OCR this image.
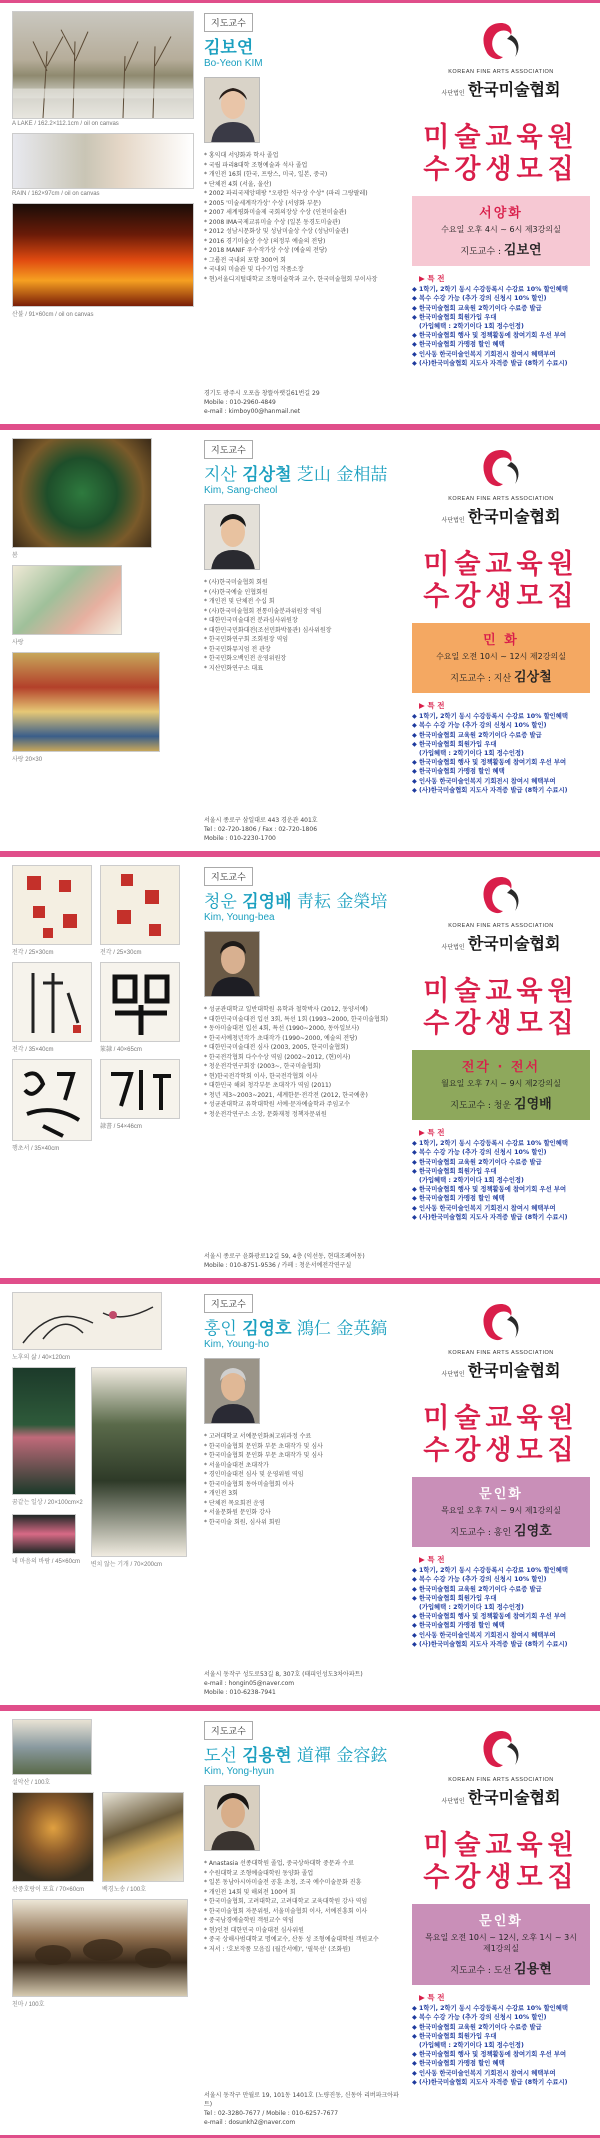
A LAKE / 162.2×112.1cm / oil on canvas
RAIN / 162×97cm / oil on canvas
산불 / 91×60cm / oil on canvas
지도교수
김보연
Bo-Yeon KIM
* 홍익대 서양화과 학사 졸업
* 국립 파리8대학 조형예술과 석사 졸업
* 개인전 16회 (한국, 프랑스, 미국, 일본, 중국)
* 단체전 4회 (서울, 울산)
* 2002 파리국제앙데팡 "오광한 석구상 수상" (파리 그랑팔레)
* 2005 '미술세계작가상' 수상 (서양화 부문)
* 2007 세계평화미술제 국회의장상 수상 (인천미술관)
* 2008 IMA국제교류미술 수상 (일본 동경도미술관)
* 2012 성남시문화상 및 성남미술상 수상 (성남미술관)
* 2016 경기미술상 수상 (의정부 예술의 전당)
* 2018 MANIF 우수작가상 수상 (예술의 전당)
* 그룹전 국내외 포함 300여 회
* 국내외 미술관 및 다수기업 작품소장
* 현)서울디지털대학교 조형미술학과 교수, 한국미술협회 부이사장
경기도 광주시 오포읍 창뜰아랫길61번길 29
Mobile : 010-2960-4849
e-mail : kimboy00@hanmail.net
KOREAN FINE ARTS ASSOCIATION
사단법인 한국미술협회
미술교육원
수강생모집
서양화
수요일 오후 4시 ~ 6시 제3강의실
지도교수 : 김보연
▶ 특 전
◆ 1학기, 2학기 동시 수강등록시 수강료 10% 할인혜택
◆ 복수 수강 가능 (추가 강의 신청시 10% 할인)
◆ 한국미술협회 교육원 2학기이다 수료증 발급
◆ 한국미술협회 회원가입 우대
(가입혜택 : 2학기이다 1회 정수인정)
◆ 한국미술협회 행사 및 정책활동에 참여기회 우선 부여
◆ 한국미술협회 가맹점 할인 혜택
◆ 인사동 한국미술인복지 기회전시 참여시 혜택부여
◆ (사)한국미술협회 지도사 자격증 발급 (8학기 수료시)
봄
사랑
사랑 20×30
지도교수
지산 김상철 芝山 金相喆
Kim, Sang-cheol
* (사)한국미술협회 회원
* (사)한국예술 인협회원
* 개인전 및 단체전 수십 회
* (사)한국미술협회 전통미술분과위원장 역임
* 대한민국미술대전 분과심사위원장
* 대한민국민화대전(조선민화박물관) 심사위원장
* 한국민화연구회 조회원장 역임
* 한국민화뮤지엄 전 관장
* 한국민화오백인전 운영위원장
* 지산민화연구소 대표
서울시 종로구 삼일대로 443 경운관 401호
Tel : 02-720-1806 / Fax : 02-720-1806
Mobile : 010-2230-1700
KOREAN FINE ARTS ASSOCIATION
사단법인 한국미술협회
미술교육원
수강생모집
민 화
수요일 오전 10시 ~ 12시 제2강의실
지도교수 : 지산 김상철
▶ 특 전
◆ 1학기, 2학기 동시 수강등록시 수강료 10% 할인혜택
◆ 복수 수강 가능 (추가 강의 신청시 10% 할인)
◆ 한국미술협회 교육원 2학기이다 수료증 발급
◆ 한국미술협회 회원가입 우대
(가입혜택 : 2학기이다 1회 정수인정)
◆ 한국미술협회 행사 및 정책활동에 참여기회 우선 부여
◆ 한국미술협회 가맹점 할인 혜택
◆ 인사동 한국미술인복지 기회전시 참여시 혜택부여
◆ (사)한국미술협회 지도사 자격증 발급 (8학기 수료시)
전각 / 25×30cm	전각 / 25×30cm
전각 / 35×40cm	篆隸 / 40×65cm
행초서 / 35×40cm
隷書 / 54×46cm
지도교수
청운 김영배 靑耘 金榮培
Kim, Young-bea
* 성균관대학교 일반대학원 유학과 철학박사 (2012, 동양서예)
* 대한민국미술대전 입선 3회, 특선 1회 (1993~2000, 한국미술협회)
* 동아미술대전 입선 4회, 특선 (1990~2000, 동아일보사)
* 한국서예청년작가 초대작가 (1990~2000, 예술의 전당)
* 대한민국미술대전 심사 (2003, 2005, 한국미술협회)
* 한국전각협회 다수수상 역임 (2002~2012, (현)이사)
* 청운전각연구회장 (2003~, 한국미술협회)
* 현)한국전각학회 이사, 한국전각협회 이사
* 대한민국 해외 청각부문 초대작가 역임 (2011)
* 청년 제3~2003~2021, 세계한문·전각전 (2012, 한국예총)
* 성균관대학교 유학대학원 서예·문자예술학과 주임교수
* 청운전각연구소 소장, 문화재청 정책자문위원
서울시 종로구 윤화광로12길 59, 4층 (익선동, 현대조폐여동)
Mobile : 010-8751-9536 / 카페 : 청운서예전각연구실
KOREAN FINE ARTS ASSOCIATION
사단법인 한국미술협회
미술교육원
수강생모집
전각 · 전서
월요일 오후 7시 ~ 9시 제2강의실
지도교수 : 청운 김영배
▶ 특 전
◆ 1학기, 2학기 동시 수강등록시 수강료 10% 할인혜택
◆ 복수 수강 가능 (추가 강의 신청시 10% 할인)
◆ 한국미술협회 교육원 2학기이다 수료증 발급
◆ 한국미술협회 회원가입 우대
(가입혜택 : 2학기이다 1회 정수인정)
◆ 한국미술협회 행사 및 정책활동에 참여기회 우선 부여
◆ 한국미술협회 가맹점 할인 혜택
◆ 인사동 한국미술인복지 기회전시 참여시 혜택부여
◆ (사)한국미술협회 지도사 자격증 발급 (8학기 수료시)
노후의 삶 / 40×120cm
꿈같는 일상 / 20×100cm×2
변치 않는 기개 / 70×200cm
내 마음의 바람 / 45×60cm
지도교수
홍인 김영호 鴻仁 金英鎬
Kim, Young-ho
* 고려대학교 서예문인화최고위과정 수료
* 한국미술협회 문인화 부문 초대작가 및 심사
* 한국미술협회 문인화 부문 초대작가 및 심사
* 서울미술대전 초대작가
* 경인미술대전 심사 및 운영위원 역임
* 한국미술협회 동아미술협회 이사
* 개인전 3회
* 단체전 목요회전 운영
* 서울문화원 문인화 강사
* 한국미술 회원, 심사위 회원
서울시 동작구 성도로53길 8, 307호 (태피인성도3차아파트)
e-mail : hongin05@naver.com
Mobile : 010-6238-7941
KOREAN FINE ARTS ASSOCIATION
사단법인 한국미술협회
미술교육원
수강생모집
문인화
목요일 오후 7시 ~ 9시 제1강의실
지도교수 : 홍인 김영호
▶ 특 전
◆ 1학기, 2학기 동시 수강등록시 수강료 10% 할인혜택
◆ 복수 수강 가능 (추가 강의 신청시 10% 할인)
◆ 한국미술협회 교육원 2학기이다 수료증 발급
◆ 한국미술협회 회원가입 우대
(가입혜택 : 2학기이다 1회 정수인정)
◆ 한국미술협회 행사 및 정책활동에 참여기회 우선 부여
◆ 한국미술협회 가맹점 할인 혜택
◆ 인사동 한국미술인복지 기회전시 참여시 혜택부여
◆ (사)한국미술협회 지도사 자격증 발급 (8학기 수료시)
설악산 / 100호
산중호랑이 포효 / 70×60cm	백경노송 / 100호
친마 / 100호
지도교수
도선 김용현 道禪 金容鉉
Kim, Yong-hyun
* Anastasia 선종대학원 졸업, 중국상하대학 중문과 수료
* 수원대학교 조형예술대학원 동양화 졸업
* 일본 동남아시아미술전 공훈 초청, 조국 예수미술문화 진흥
* 개인전 14회 및 해외전 100여 회
* 한국미술협회, 고려대학교, 고려대학교 교육대학원 강사 역임
* 한국미술협회 자문위원, 서울미술협회 이사, 서예진흥회 이사
* 중국남경예술학원 객원교수 역임
* 현)인천 대한민국 미술대전 심사위원
* 중국 상해사범대학교 명예교수, 산동 성 조형예술대학원 객원교수
* 저서 : '호보작품 모음집 (월간서예)', '필묵선' (조화원)
서울시 동작구 만월로 19, 101동 1401호 (노량진동, 신동아 리버파크아파트)
Tel : 02-3280-7677 / Mobile : 010-6257-7677
e-mail : dosunkh2@naver.com
KOREAN FINE ARTS ASSOCIATION
사단법인 한국미술협회
미술교육원
수강생모집
문인화
목요일 오전 10시 ~ 12시, 오후 1시 ~ 3시
제1강의실
지도교수 : 도선 김용현
▶ 특 전
◆ 1학기, 2학기 동시 수강등록시 수강료 10% 할인혜택
◆ 복수 수강 가능 (추가 강의 신청시 10% 할인)
◆ 한국미술협회 교육원 2학기이다 수료증 발급
◆ 한국미술협회 회원가입 우대
(가입혜택 : 2학기이다 1회 정수인정)
◆ 한국미술협회 행사 및 정책활동에 참여기회 우선 부여
◆ 한국미술협회 가맹점 할인 혜택
◆ 인사동 한국미술인복지 기회전시 참여시 혜택부여
◆ (사)한국미술협회 지도사 자격증 발급 (8학기 수료시)
